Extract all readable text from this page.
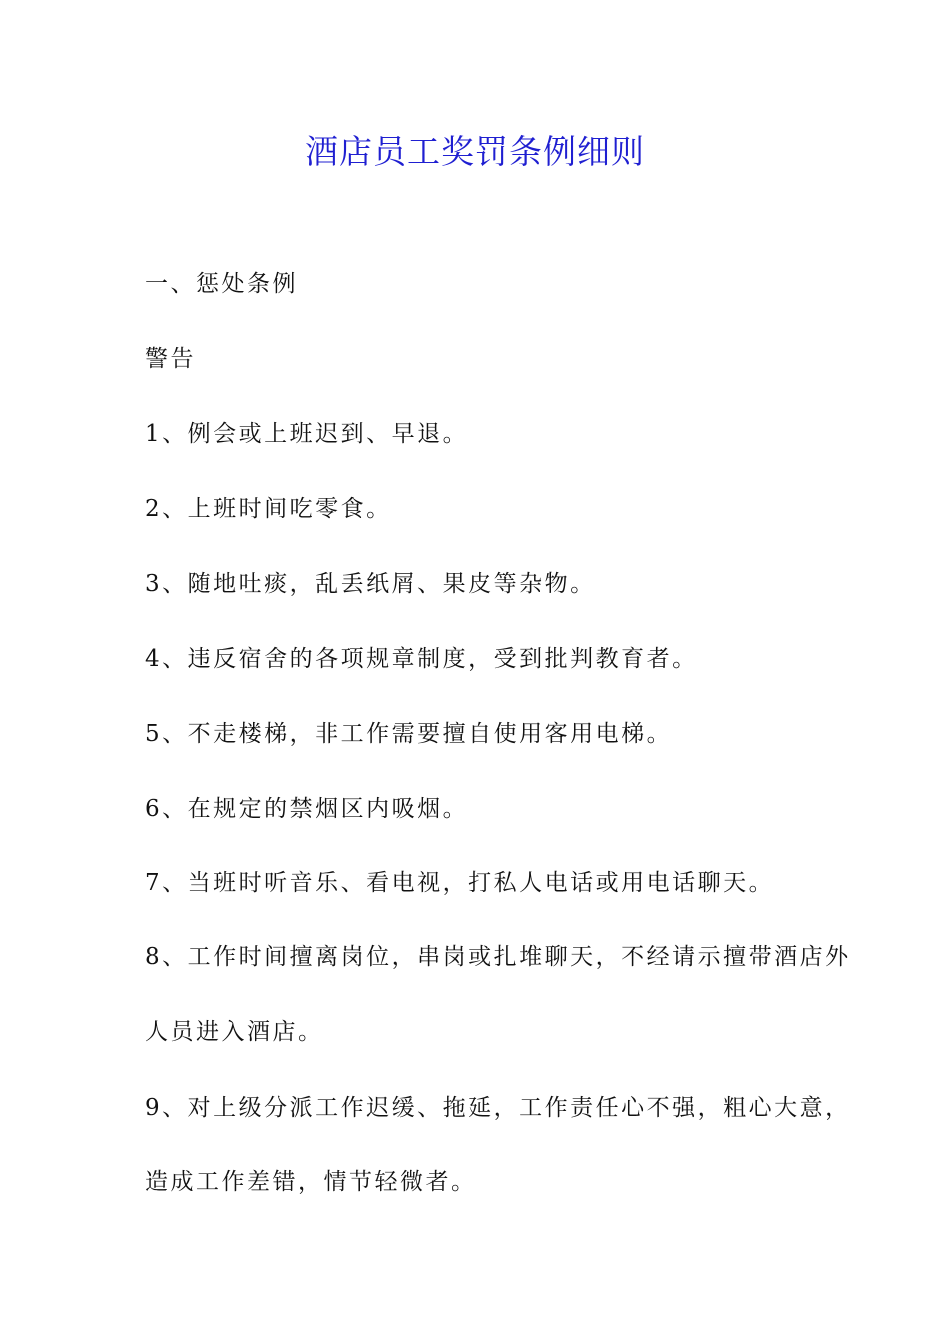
酒店员工奖罚条例细则
一、惩处条例
警告
1、例会或上班迟到、早退。
2、上班时间吃零食。
3、随地吐痰，乱丢纸屑、果皮等杂物。
4、违反宿舍的各项规章制度，受到批判教育者。
5、不走楼梯，非工作需要擅自使用客用电梯。
6、在规定的禁烟区内吸烟。
7、当班时听音乐、看电视，打私人电话或用电话聊天。
8、工作时间擅离岗位，串岗或扎堆聊天，不经请示擅带酒店外
人员进入酒店。
9、对上级分派工作迟缓、拖延，工作责任心不强，粗心大意，
造成工作差错，情节轻微者。
